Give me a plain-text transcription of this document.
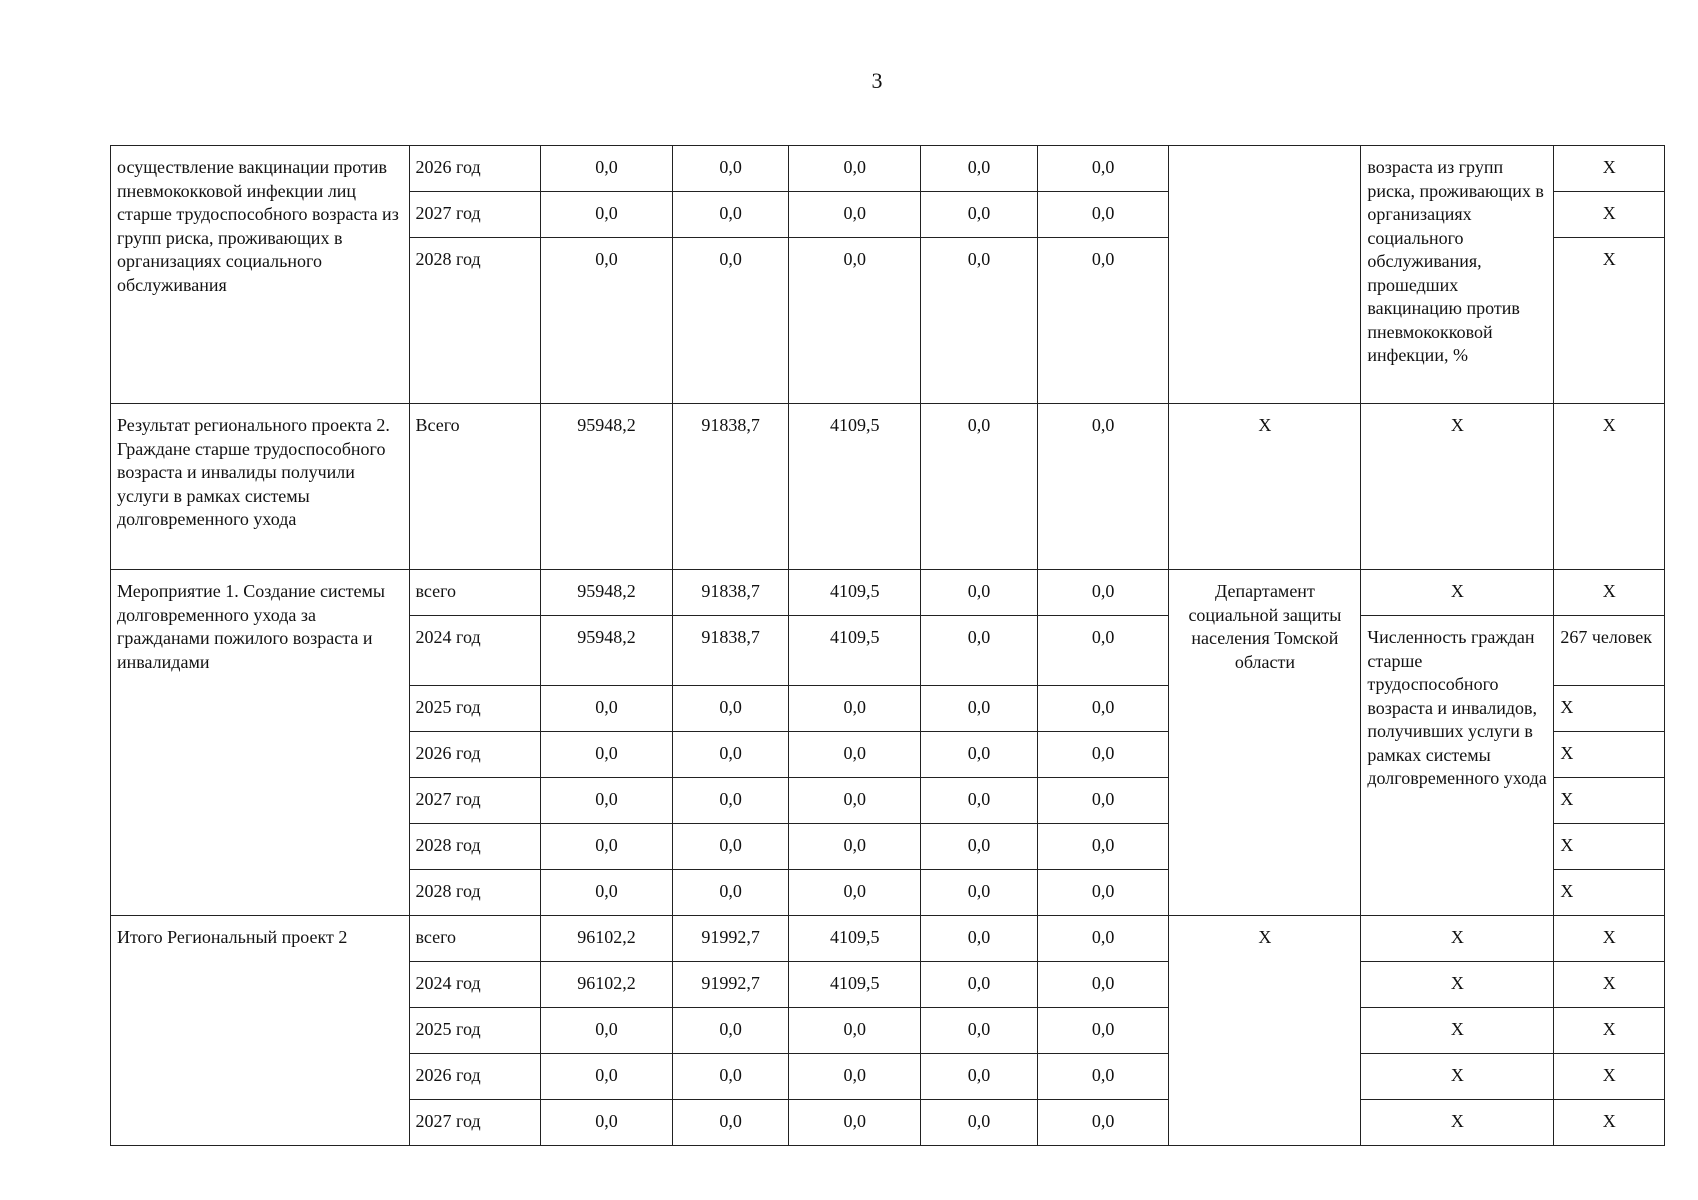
3
осуществление вакцинации против пневмококковой инфекции лиц старше трудоспособного возраста из групп риска, проживающих в организациях социального обслуживания	2026 год	0,0	0,0	0,0	0,0	0,0		возраста из групп риска, проживающих в организациях социального обслуживания, прошедших вакцинацию против пневмококковой инфекции, %	Х
	2027 год	0,0	0,0	0,0	0,0	0,0			Х
	2028 год	0,0	0,0	0,0	0,0	0,0			Х
Результат регионального проекта 2. Граждане старше трудоспособного возраста и инвалиды получили услуги в рамках системы долговременного ухода	Всего	95948,2	91838,7	4109,5	0,0	0,0	Х	Х	Х
Мероприятие 1. Создание системы долговременного ухода за гражданами пожилого возраста и инвалидами	всего	95948,2	91838,7	4109,5	0,0	0,0	Департамент социальной защиты населения Томской области	Х	Х
	2024 год	95948,2	91838,7	4109,5	0,0	0,0		Численность граждан старше трудоспособного возраста и инвалидов, получивших услуги в рамках системы долговременного ухода	267 человек
	2025 год	0,0	0,0	0,0	0,0	0,0			Х
	2026 год	0,0	0,0	0,0	0,0	0,0			Х
	2027 год	0,0	0,0	0,0	0,0	0,0			Х
	2028 год	0,0	0,0	0,0	0,0	0,0			Х
	2028 год	0,0	0,0	0,0	0,0	0,0			Х
Итого Региональный проект 2	всего	96102,2	91992,7	4109,5	0,0	0,0	Х	Х	Х
	2024 год	96102,2	91992,7	4109,5	0,0	0,0		Х	Х
	2025 год	0,0	0,0	0,0	0,0	0,0		Х	Х
	2026 год	0,0	0,0	0,0	0,0	0,0		Х	Х
	2027 год	0,0	0,0	0,0	0,0	0,0		Х	Х
